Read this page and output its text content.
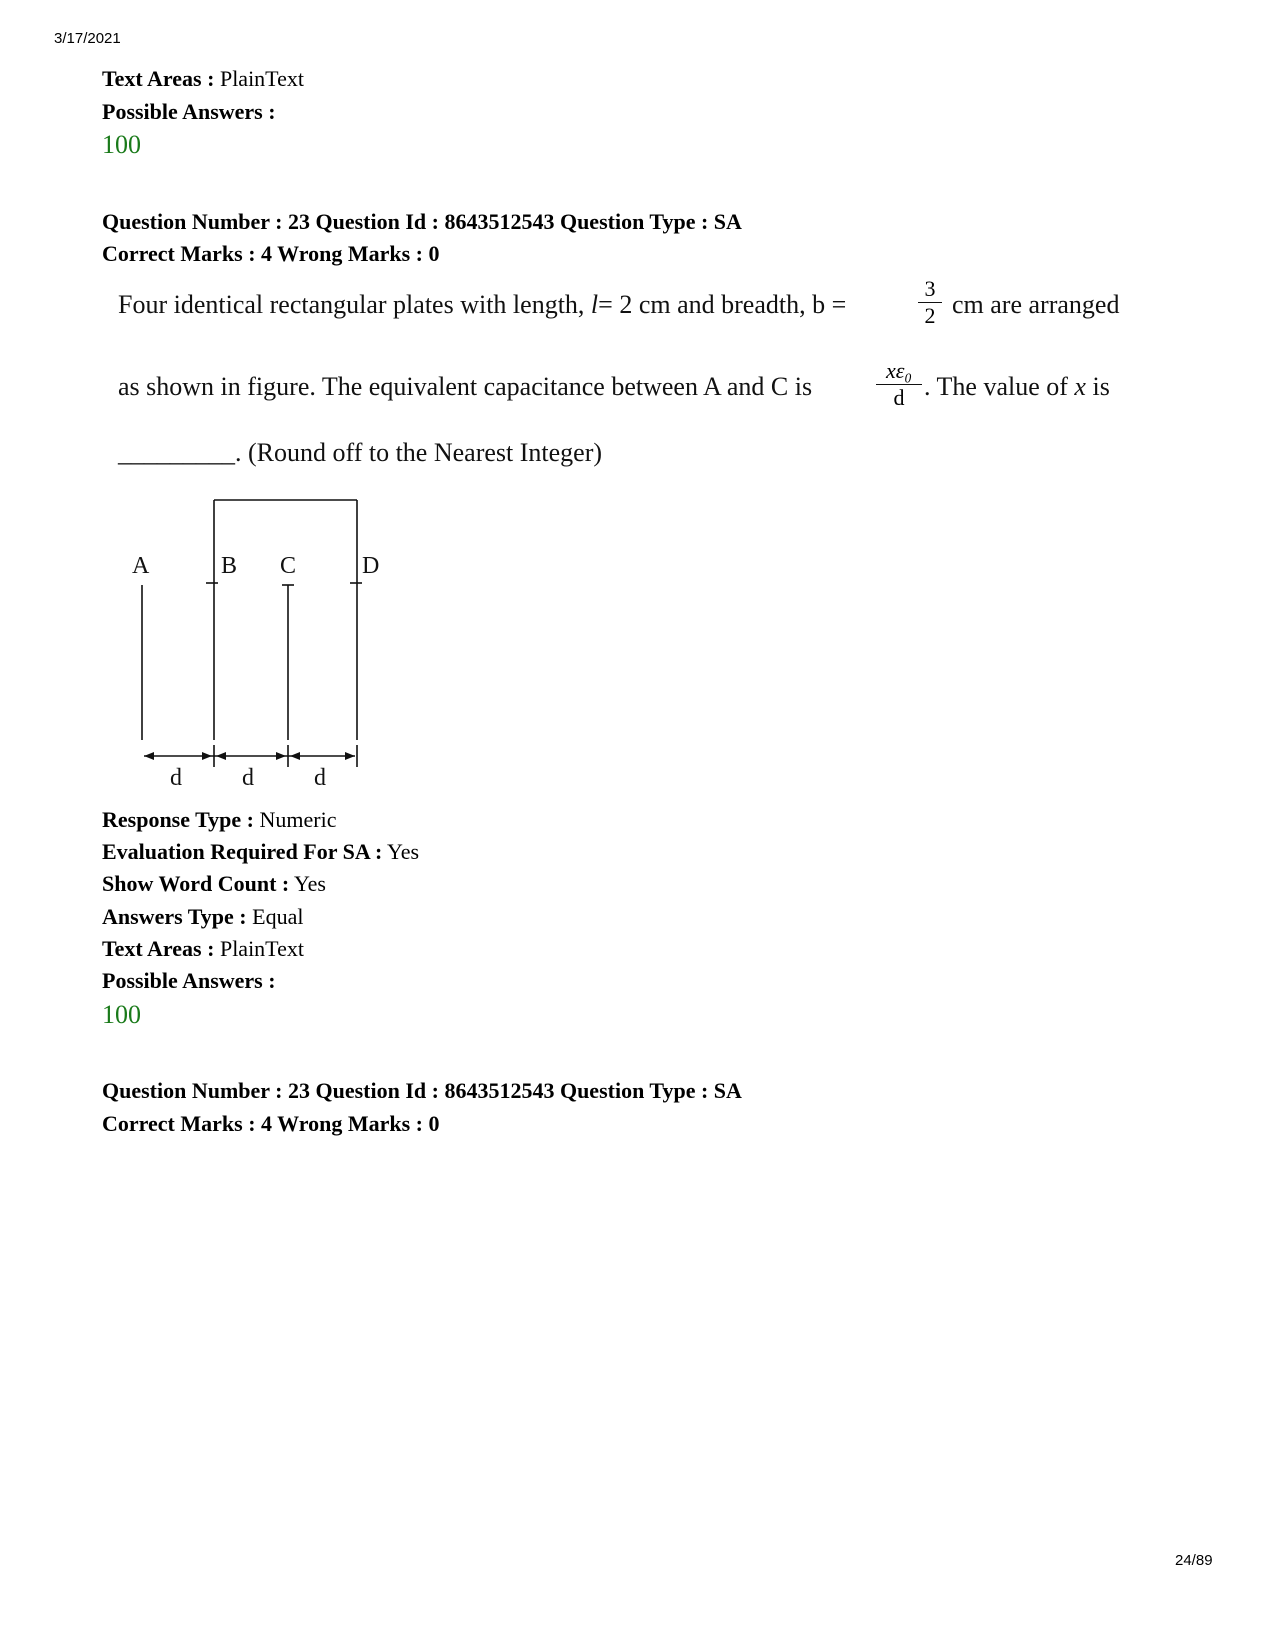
3/17/2021
Text Areas : PlainText
Possible Answers :
100
Question Number : 23 Question Id : 8643512543 Question Type : SA
Correct Marks : 4 Wrong Marks : 0
Four identical rectangular plates with length, l= 2 cm and breadth, b =
3
2 cm are arranged
as shown in figure. The equivalent capacitance between A and C is
xε₀
d . The value of x is
_________. (Round off to the Nearest Integer)
A	B C	D
d	d	d
Response Type : Numeric
Evaluation Required For SA : Yes
Show Word Count : Yes
Answers Type : Equal
Text Areas : PlainText
Possible Answers :
100
Question Number : 23 Question Id : 8643512543 Question Type : SA
Correct Marks : 4 Wrong Marks : 0
24/89
